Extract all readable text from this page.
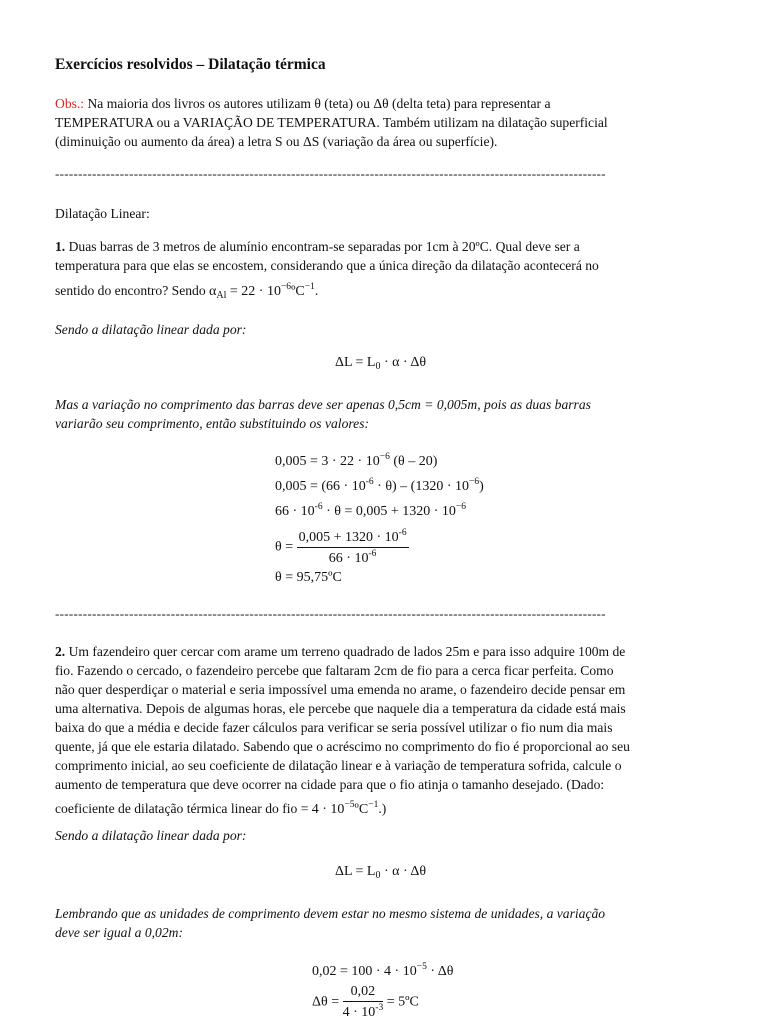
Exercícios resolvidos – Dilatação térmica
Obs.: Na maioria dos livros os autores utilizam θ (teta) ou Δθ (delta teta) para representar a
TEMPERATURA ou a VARIAÇÃO DE TEMPERATURA. Também utilizam na dilatação superficial
(diminuição ou aumento da área) a letra S ou ΔS (variação da área ou superfície).
-----------------------------------------------------------------------------------------------------------------------
Dilatação Linear:
1. Duas barras de 3 metros de alumínio encontram-se separadas por 1cm à 20ºC. Qual deve ser a
temperatura para que elas se encostem, considerando que a única direção da dilatação acontecerá no
sentido do encontro? Sendo $\alpha_{Al} = 22$ · $10^{-6}ºC^{-1}$.
Sendo a dilatação linear dada por:
$\Delta L = L_0 \cdot \alpha \cdot \Delta\theta$
Mas a variação no comprimento das barras deve ser apenas 0,5cm = 0,005m, pois as duas barras
variarão seu comprimento, então substituindo os valores:
$0,005 = 3 \cdot 22 \cdot 10^{-6}$ (θ – 20)
$0,005 = (66 \cdot 10^{-6} \cdot \theta) - (1320 \cdot 10^{-6})$
$66 \cdot 10^{-6} \cdot \theta = 0,005 + 1320 \cdot 10^{-6}$
$\theta = \frac{0,005 + 1320 \cdot 10^{-6}}{66 \cdot 10^{-6}}$
θ = 95,75ºC
-----------------------------------------------------------------------------------------------------------------------
2. Um fazendeiro quer cercar com arame um terreno quadrado de lados 25m e para isso adquire 100m de
fio. Fazendo o cercado, o fazendeiro percebe que faltaram 2cm de fio para a cerca ficar perfeita. Como
não quer desperdiçar o material e seria impossível uma emenda no arame, o fazendeiro decide pensar em
uma alternativa. Depois de algumas horas, ele percebe que naquele dia a temperatura da cidade está mais
baixa do que a média e decide fazer cálculos para verificar se seria possível utilizar o fio num dia mais
quente, já que ele estaria dilatado. Sabendo que o acréscimo no comprimento do fio é proporcional ao seu
comprimento inicial, ao seu coeficiente de dilatação linear e à variação de temperatura sofrida, calcule o
aumento de temperatura que deve ocorrer na cidade para que o fio atinja o tamanho desejado. (Dado:
coeficiente de dilatação térmica linear do fio = $4 \cdot 10^{-5}ºC^{-1}$.)
Sendo a dilatação linear dada por:
$\Delta L = L_0 \cdot \alpha \cdot \Delta\theta$
Lembrando que as unidades de comprimento devem estar no mesmo sistema de unidades, a variação
deve ser igual a 0,02m:
$0,02 = 100 \cdot 4 \cdot 10^{-5} \cdot \Delta\theta$
$\Delta\theta = \frac{0,02}{4 \cdot 10^{-3}}$ = 5ºC
